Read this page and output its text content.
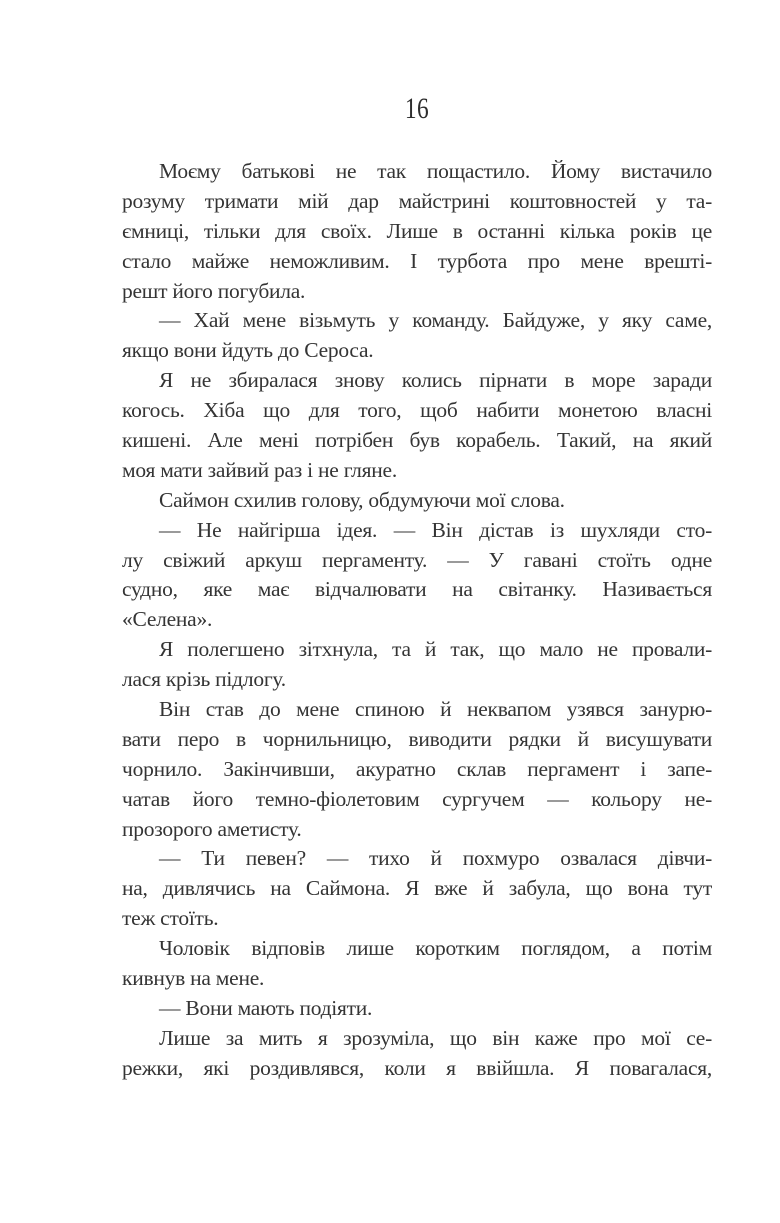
16
Моєму батькові не так пощастило. Йому вистачило
розуму тримати мій дар майстрині коштовностей у та-
ємниці, тільки для своїх. Лише в останні кілька років це
стало майже неможливим. І турбота про мене врешті-
решт його погубила.
— Хай мене візьмуть у команду. Байдуже, у яку саме,
якщо вони йдуть до Сероса.
Я не збиралася знову колись пірнати в море заради
когось. Хіба що для того, щоб набити монетою власні
кишені. Але мені потрібен був корабель. Такий, на який
моя мати зайвий раз і не гляне.
Саймон схилив голову, обдумуючи мої слова.
— Не найгірша ідея. — Він дістав із шухляди сто-
лу свіжий аркуш пергаменту. — У гавані стоїть одне
судно, яке має відчалювати на світанку. Називається
«Селена».
Я полегшено зітхнула, та й так, що мало не провали-
лася крізь підлогу.
Він став до мене спиною й неквапом узявся занурю-
вати перо в чорнильницю, виводити рядки й висушувати
чорнило. Закінчивши, акуратно склав пергамент і запе-
чатав його темно-фіолетовим сургучем — кольору не-
прозорого аметисту.
— Ти певен? — тихо й похмуро озвалася дівчи-
на, дивлячись на Саймона. Я вже й забула, що вона тут
теж стоїть.
Чоловік відповів лише коротким поглядом, а потім
кивнув на мене.
— Вони мають подіяти.
Лише за мить я зрозуміла, що він каже про мої се-
режки, які роздивлявся, коли я ввійшла. Я повагалася,
